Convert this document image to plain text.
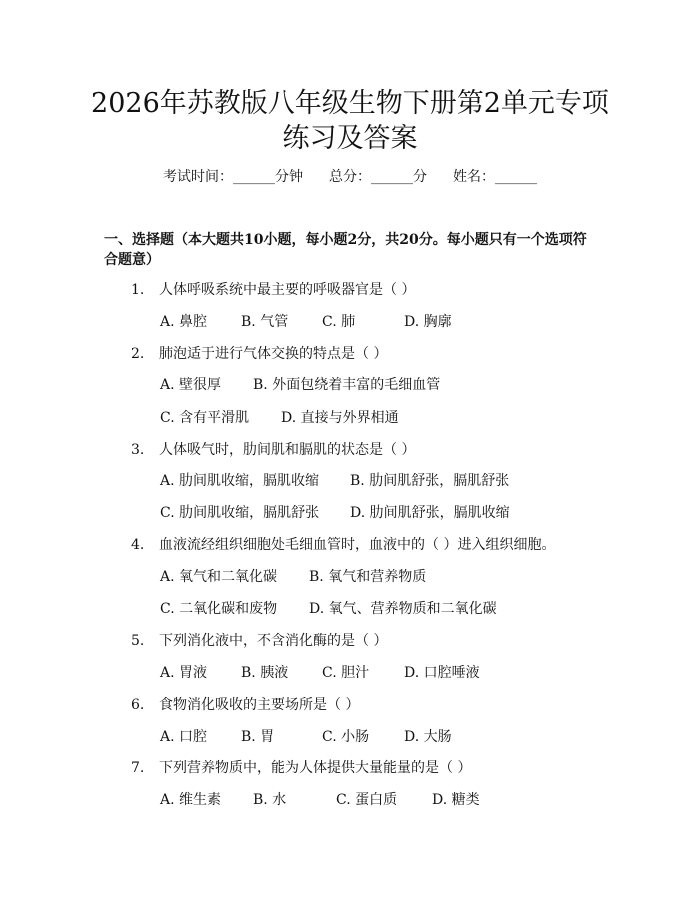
2026年苏教版八年级生物下册第2单元专项
练习及答案
考试时间：______分钟 总分：______分 姓名：______
一、选择题（本大题共10小题，每小题2分，共20分。每小题只有一个选项符
合题意）
1. 人体呼吸系统中最主要的呼吸器官是（ ）
A. 鼻腔 B. 气管 C. 肺	D. 胸廓
2. 肺泡适于进行气体交换的特点是（ ）
A. 壁很厚 B. 外面包绕着丰富的毛细血管
C. 含有平滑肌 D. 直接与外界相通
3. 人体吸气时，肋间肌和膈肌的状态是（ ）
A. 肋间肌收缩，膈肌收缩 B. 肋间肌舒张，膈肌舒张
C. 肋间肌收缩，膈肌舒张 D. 肋间肌舒张，膈肌收缩
4. 血液流经组织细胞处毛细血管时，血液中的（ ）进入组织细胞。
A. 氧气和二氧化碳 B. 氧气和营养物质
C. 二氧化碳和废物 D. 氧气、营养物质和二氧化碳
5. 下列消化液中，不含消化酶的是（ ）
A. 胃液 B. 胰液 C. 胆汁 D. 口腔唾液
6. 食物消化吸收的主要场所是（ ）
A. 口腔 B. 胃	C. 小肠 D. 大肠
7. 下列营养物质中，能为人体提供大量能量的是（ ）
A. 维生素 B. 水	C. 蛋白质 D. 糖类
